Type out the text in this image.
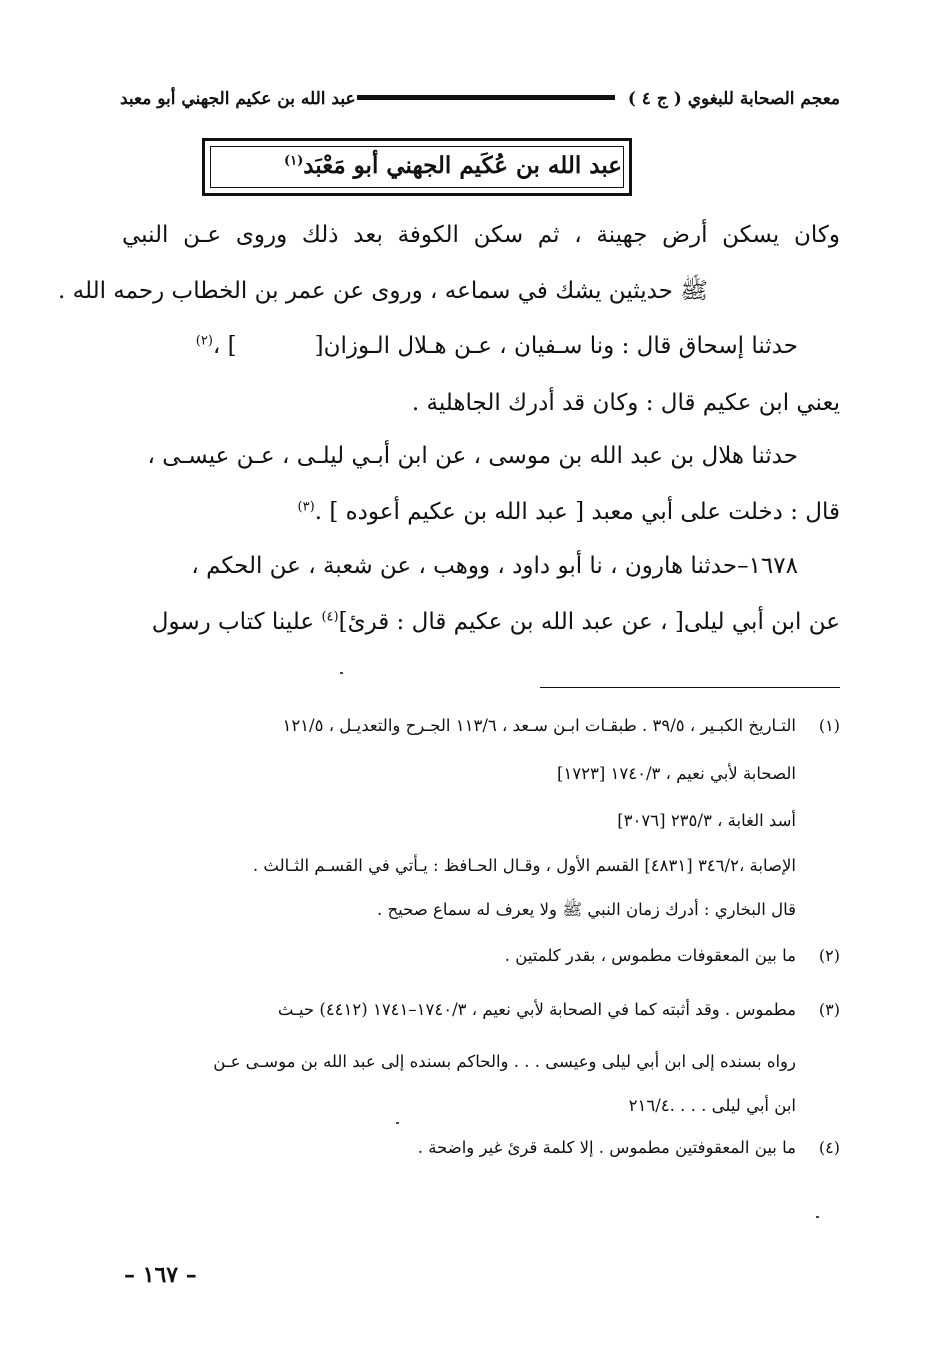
معجم الصحابة للبغوي ( ج ٤ )
عبد الله بن عكيم الجهني أبو معبد
عبد الله بن عُكَيم الجهني أبو مَعْبَد$^{(١)}$
وكان يسكن أرض جهينة ، ثم سكن الكوفة بعد ذلك وروى عـن النبي
ﷺ حديثين يشك في سماعه ، وروى عن عمر بن الخطاب رحمه الله .
حدثنا إسحاق قال : ونا سـفيان ، عـن هـلال الـوزان[] ،$^{(٢)}$
يعني ابن عكيم قال : وكان قد أدرك الجاهلية .
حدثنا هلال بن عبد الله بن موسى ، عن ابن أبـي ليلـى ، عـن عيسـى ،
قال : دخلت على أبي معبد [ عبد الله بن عكيم أعوده ] .$^{(٣)}$
١٦٧٨–حدثنا هارون ، نا أبو داود ، ووهب ، عن شعبة ، عن الحكم ،
عن ابن أبي ليلى[ ، عن عبد الله بن عكيم قال : قرئ]$^{(٤)}$ علينا كتاب رسول
(١)
التـاريخ الكبـير ، ٣٩/٥ . طبقـات ابـن سـعد ، ١١٣/٦ الجـرح والتعديـل ، ١٢١/٥
الصحابة لأبي نعيم ، ١٧٤٠/٣ [١٧٢٣]
أسد الغابة ، ٢٣٥/٣ [٣٠٧٦]
الإصابة ،٣٤٦/٢ [٤٨٣١] القسم الأول ، وقـال الحـافظ : يـأتي في القسـم الثـالث .
قال البخاري : أدرك زمان النبي ﷺ ولا يعرف له سماع صحيح .
(٢)
ما بين المعقوفات مطموس ، بقدر كلمتين .
(٣)
مطموس . وقد أثبته كما في الصحابة لأبي نعيم ، ١٧٤٠/٣–١٧٤١ (٤٤١٢) حيـث
رواه بسنده إلى ابن أبي ليلى وعيسى . . . والحاكم بسنده إلى عبد الله بن موسـى عـن
ابن أبي ليلى . . . .٢١٦/٤
(٤)
ما بين المعقوفتين مطموس . إلا كلمة قرئ غير واضحة .
– ١٦٧ –
